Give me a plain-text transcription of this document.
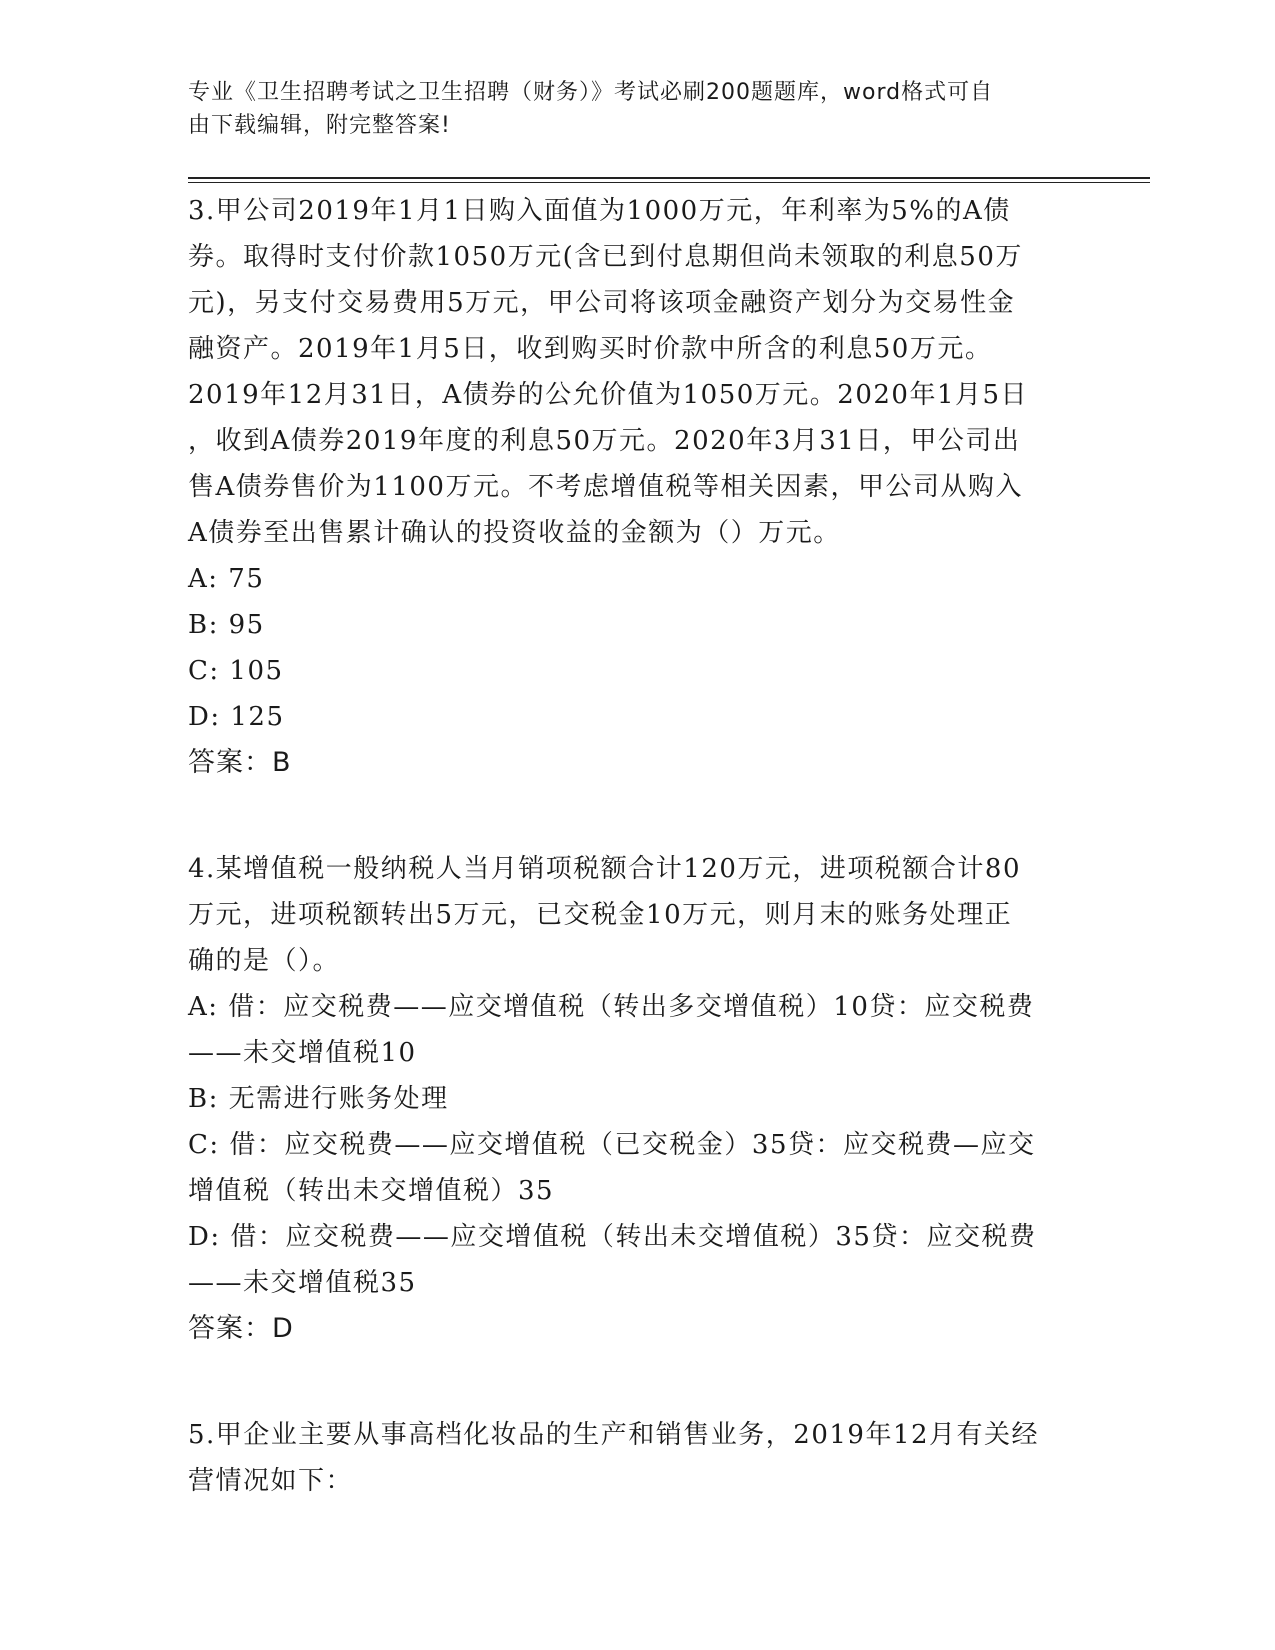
专业《卫生招聘考试之卫生招聘（财务）》考试必刷200题题库，word格式可自
由下载编辑，附完整答案!
3.甲公司2019年1月1日购入面值为1000万元，年利率为5%的A债
券。取得时支付价款1050万元(含已到付息期但尚未领取的利息50万
元)，另支付交易费用5万元，甲公司将该项金融资产划分为交易性金
融资产。2019年1月5日，收到购买时价款中所含的利息50万元。
2019年12月31日，A债券的公允价值为1050万元。2020年1月5日
，收到A债券2019年度的利息50万元。2020年3月31日，甲公司出
售A债券售价为1100万元。不考虑增值税等相关因素，甲公司从购入
A债券至出售累计确认的投资收益的金额为（）万元。
A: 75
B: 95
C: 105
D: 125
答案：B
4.某增值税一般纳税人当月销项税额合计120万元，进项税额合计80
万元，进项税额转出5万元，已交税金10万元，则月末的账务处理正
确的是（）。
A: 借：应交税费——应交增值税（转出多交增值税）10贷：应交税费
——未交增值税10
B: 无需进行账务处理
C: 借：应交税费——应交增值税（已交税金）35贷：应交税费—应交
增值税（转出未交增值税）35
D: 借：应交税费——应交增值税（转出未交增值税）35贷：应交税费
——未交增值税35
答案：D
5.甲企业主要从事高档化妆品的生产和销售业务，2019年12月有关经
营情况如下：
